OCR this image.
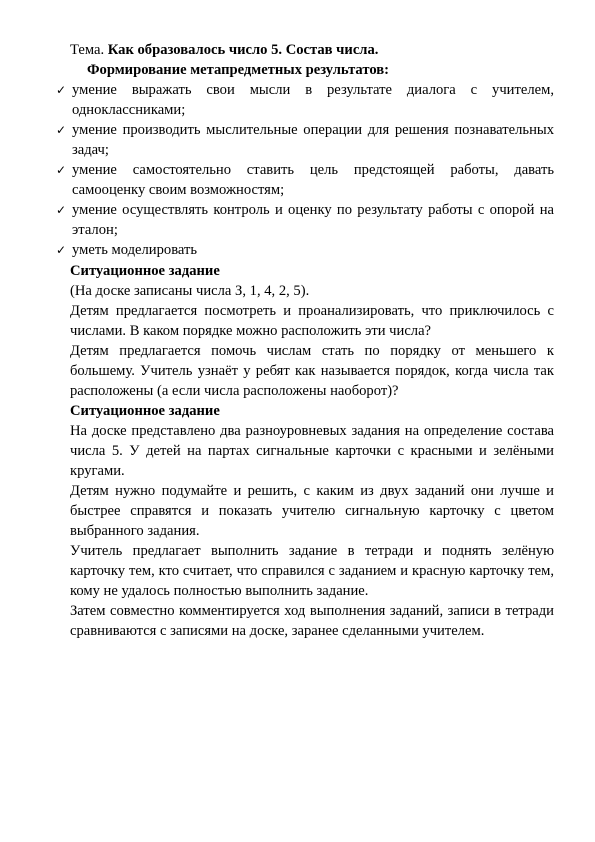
Тема. Как образовалось число 5. Состав числа.

Формирование метапредметных результатов:

✓ умение выражать свои мысли в результате диалога с учителем, одноклассниками;
✓ умение производить мыслительные операции для решения познавательных задач;
✓ умение самостоятельно ставить цель предстоящей работы, давать самооценку своим возможностям;
✓ умение осуществлять контроль и оценку по результату работы с опорой на эталон;
✓ уметь моделировать

Ситуационное задание

(На доске записаны числа З, 1, 4, 2, 5).

Детям предлагается посмотреть и проанализировать, что приключилось с числами. В каком порядке можно расположить эти числа?

Детям предлагается помочь числам стать по порядку от меньшего к большему. Учитель узнаёт у ребят как называется порядок, когда числа так расположены (а если числа расположены наоборот)?

Ситуационное задание

На доске представлено два разноуровневых задания на определение состава числа 5. У детей на партах сигнальные карточки с красными и зелёными кругами.

Детям нужно подумайте и решить, с каким из двух заданий они лучше и быстрее справятся и показать учителю сигнальную карточку с цветом выбранного задания.

Учитель предлагает выполнить задание в тетради и поднять зелёную карточку тем, кто считает, что справился с заданием и красную карточку тем, кому не удалось полностью выполнить задание.

Затем совместно комментируется ход выполнения заданий, записи в тетради сравниваются с записями на доске, заранее сделанными учителем.
